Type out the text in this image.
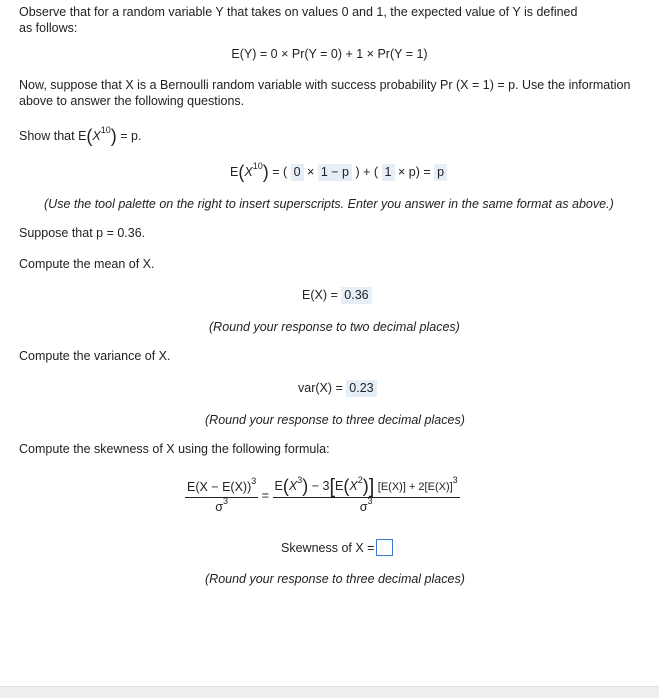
Observe that for a random variable Y that takes on values 0 and 1, the expected value of Y is defined
as follows:
E(Y) = 0 × Pr(Y = 0) + 1 × Pr(Y = 1)
Now, suppose that X is a Bernoulli random variable with success probability Pr (X = 1) = p. Use the information
above to answer the following questions.
Show that $E(X^{10}) = p$.
$E(X^{10})$ = ( 0 × 1 − p ) + ( 1 × p) = p
(Use the tool palette on the right to insert superscripts. Enter you answer in the same format as above.)
Suppose that p = 0.36.
Compute the mean of X.
E(X) = 0.36
(Round your response to two decimal places)
Compute the variance of X.
var(X) = 0.23
(Round your response to three decimal places)
Compute the skewness of X using the following formula:
$\frac{E(X - E(X))^3}{\sigma^3} = \frac{E(X^3) - 3[E(X^2)] [E(X)] + 2[E(X)]^3}{\sigma^3}$
Skewness of X =
(Round your response to three decimal places)
